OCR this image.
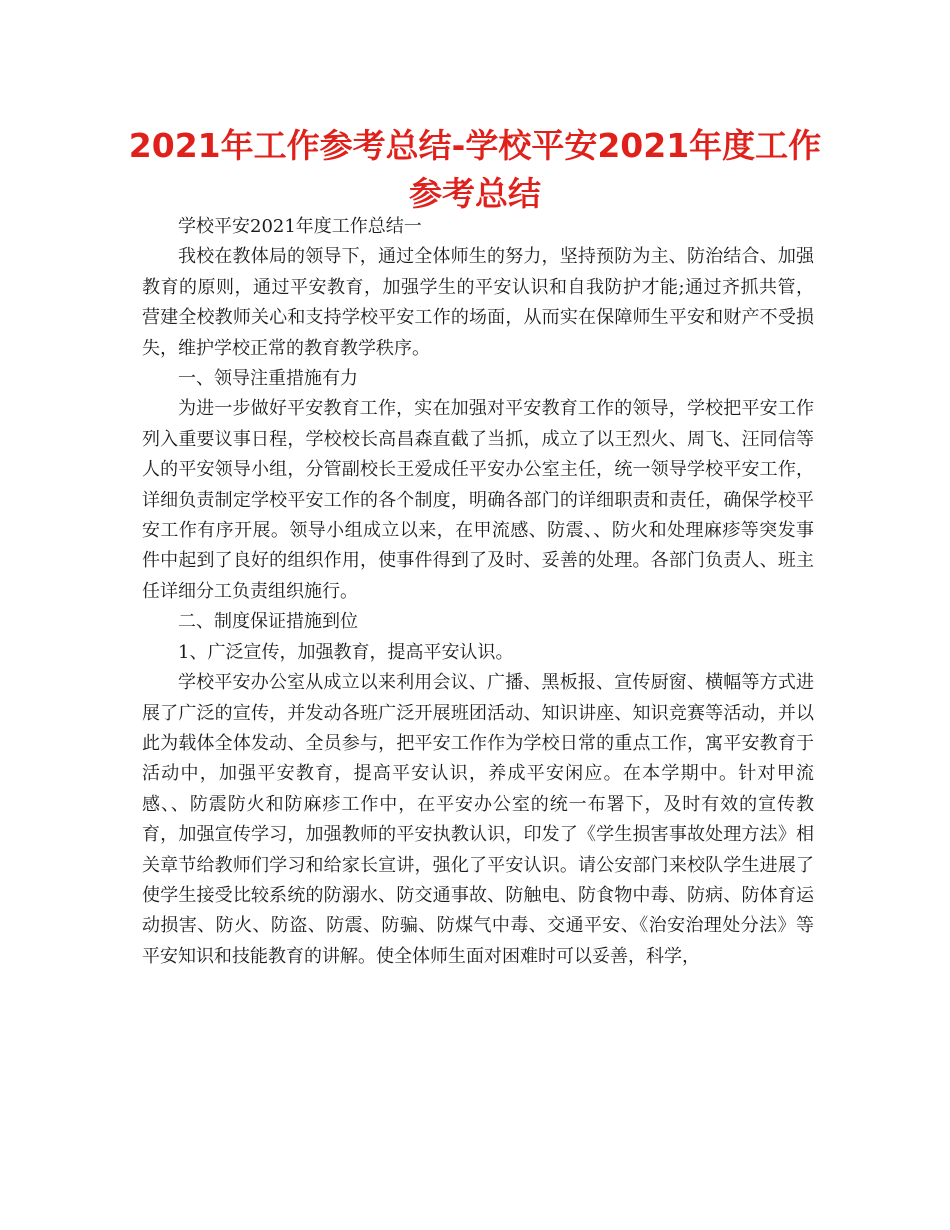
2021年工作参考总结-学校平安2021年度工作
参考总结

学校平安2021年度工作总结一

我校在教体局的领导下，通过全体师生的努力，坚持预防为主、防治结合、加强教育的原则，通过平安教育，加强学生的平安认识和自我防护才能;通过齐抓共管，营建全校教师关心和支持学校平安工作的场面，从而实在保障师生平安和财产不受损失，维护学校正常的教育教学秩序。

一、领导注重措施有力

为进一步做好平安教育工作，实在加强对平安教育工作的领导，学校把平安工作列入重要议事日程，学校校长高昌森直截了当抓，成立了以王烈火、周飞、汪同信等人的平安领导小组，分管副校长王爱成任平安办公室主任，统一领导学校平安工作，详细负责制定学校平安工作的各个制度，明确各部门的详细职责和责任，确保学校平安工作有序开展。领导小组成立以来，在甲流感、防震、、防火和处理麻疹等突发事件中起到了良好的组织作用，使事件得到了及时、妥善的处理。各部门负责人、班主任详细分工负责组织施行。

二、制度保证措施到位

1、广泛宣传，加强教育，提高平安认识。

学校平安办公室从成立以来利用会议、广播、黑板报、宣传厨窗、横幅等方式进展了广泛的宣传，并发动各班广泛开展班团活动、知识讲座、知识竞赛等活动，并以此为载体全体发动、全员参与，把平安工作作为学校日常的重点工作，寓平安教育于活动中，加强平安教育，提高平安认识，养成平安闲应。在本学期中。针对甲流感、、防震防火和防麻疹工作中，在平安办公室的统一布署下，及时有效的宣传教育，加强宣传学习，加强教师的平安执教认识，印发了《学生损害事故处理方法》相关章节给教师们学习和给家长宣讲，强化了平安认识。请公安部门来校队学生进展了使学生接受比较系统的防溺水、防交通事故、防触电、防食物中毒、防病、防体育运动损害、防火、防盗、防震、防骗、防煤气中毒、交通平安、《治安治理处分法》等平安知识和技能教育的讲解。使全体师生面对困难时可以妥善，科学，
